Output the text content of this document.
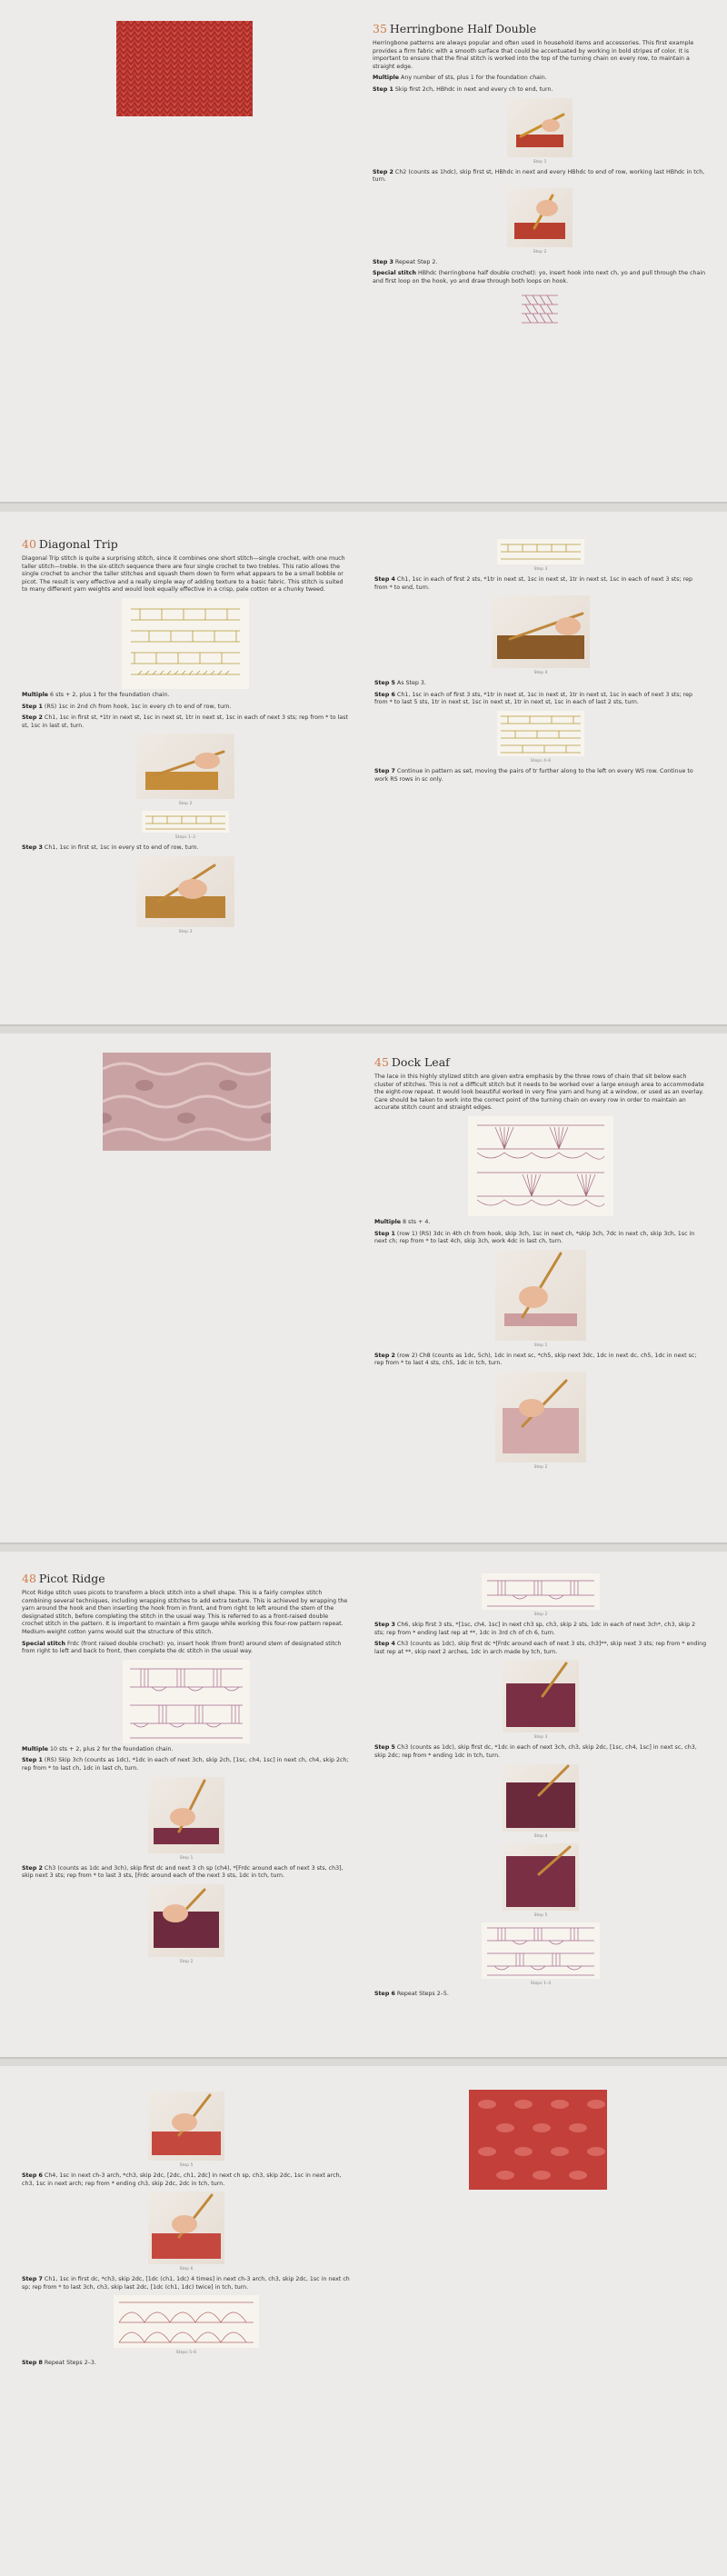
35 Herringbone Half Double

Herringbone patterns are always popular and often used in household items and accessories. This first example provides a firm fabric with a smooth surface that could be accentuated by working in bold stripes of color. It is important to ensure that the final stitch is worked into the top of the turning chain on every row, to maintain a straight edge.

Multiple Any number of sts, plus 1 for the foundation chain.

Step 1 Skip first 2ch, HBhdc in next and every ch to end, turn.

Step 1

Step 2 Ch2 (counts as 1hdc), skip first st, HBhdc in next and every HBhdc to end of row, working last HBhdc in tch, turn.

Step 2

Step 3 Repeat Step 2.

Special stitch HBhdc (herringbone half double crochet): yo, insert hook into next ch, yo and pull through the chain and first loop on the hook, yo and draw through both loops on hook.

40 Diagonal Trip

Diagonal Trip stitch is quite a surprising stitch, since it combines one short stitch—single crochet, with one much taller stitch—treble. In the six-stitch sequence there are four single crochet to two trebles. This ratio allows the single crochet to anchor the taller stitches and squash them down to form what appears to be a small bobble or picot. The result is very effective and a really simple way of adding texture to a basic fabric. This stitch is suited to many different yarn weights and would look equally effective in a crisp, pale cotton or a chunky tweed.

Multiple 6 sts + 2, plus 1 for the foundation chain.

Step 1 (RS) 1sc in 2nd ch from hook, 1sc in every ch to end of row, turn.

Step 2 Ch1, 1sc in first st, *1tr in next st, 1sc in next st, 1tr in next st, 1sc in each of next 3 sts; rep from * to last st, 1sc in last st, turn.

Step 2
Steps 1–2

Step 3 Ch1, 1sc in first st, 1sc in every st to end of row, turn.

Step 3
Step 3

Step 4 Ch1, 1sc in each of first 2 sts, *1tr in next st, 1sc in next st, 1tr in next st, 1sc in each of next 3 sts; rep from * to end, turn.

Step 4

Step 5 As Step 3.

Step 6 Ch1, 1sc in each of first 3 sts, *1tr in next st, 1sc in next st, 1tr in next st, 1sc in each of next 3 sts; rep from * to last 5 sts, 1tr in next st, 1sc in next st, 1tr in next st, 1sc in each of last 2 sts, turn.

Steps 4–6

Step 7 Continue in pattern as set, moving the pairs of tr further along to the left on every WS row. Continue to work RS rows in sc only.

45 Dock Leaf

The lace in this highly stylized stitch are given extra emphasis by the three rows of chain that sit below each cluster of stitches. This is not a difficult stitch but it needs to be worked over a large enough area to accommodate the eight-row repeat. It would look beautiful worked in very fine yarn and hung at a window, or used as an overlay. Care should be taken to work into the correct point of the turning chain on every row in order to maintain an accurate stitch count and straight edges.

Multiple 8 sts + 4.

Step 1 (row 1) (RS) 3dc in 4th ch from hook, skip 3ch, 1sc in next ch, *skip 3ch, 7dc in next ch, skip 3ch, 1sc in next ch; rep from * to last 4ch, skip 3ch, work 4dc in last ch, turn.

Step 1

Step 2 (row 2) Ch8 (counts as 1dc, 5ch), 1dc in next sc, *ch5, skip next 3dc, 1dc in next dc, ch5, 1dc in next sc; rep from * to last 4 sts, ch5, 1dc in tch, turn.

Step 2
48 Picot Ridge

Picot Ridge stitch uses picots to transform a block stitch into a shell shape. This is a fairly complex stitch combining several techniques, including wrapping stitches to add extra texture. This is achieved by wrapping the yarn around the hook and then inserting the hook from in front, and from right to left around the stem of the designated stitch, before completing the stitch in the usual way. This is referred to as a front-raised double crochet stitch in the pattern. It is important to maintain a firm gauge while working this four-row pattern repeat. Medium-weight cotton yarns would suit the structure of this stitch.

Special stitch Frdc (front raised double crochet): yo, insert hook (from front) around stem of designated stitch from right to left and back to front, then complete the dc stitch in the usual way.

Multiple 10 sts + 2, plus 2 for the foundation chain.

Step 1 (RS) Skip 3ch (counts as 1dc), *1dc in each of next 3ch, skip 2ch, [1sc, ch4, 1sc] in next ch, ch4, skip 2ch; rep from * to last ch, 1dc in last ch, turn.

Step 1

Step 2 Ch3 (counts as 1dc and 3ch), skip first dc and next 3 ch sp (ch4), *[Frdc around each of next 3 sts, ch3], skip next 3 sts; rep from * to last 3 sts, [Frdc around each of the next 3 sts, 1dc in tch, turn.

Step 2
Step 2

Step 3 Ch6, skip first 3 sts, *[1sc, ch4, 1sc] in next ch3 sp, ch3, skip 2 sts, 1dc in each of next 3ch*, ch3, skip 2 sts; rep from * ending last rep at **, 1dc in 3rd ch of ch 6, turn.

Step 4 Ch3 (counts as 1dc), skip first dc *[Frdc around each of next 3 sts, ch3]**, skip next 3 sts; rep from * ending last rep at **, skip next 2 arches, 1dc in arch made by tch, turn.

Step 3

Step 5 Ch3 (counts as 1dc), skip first dc, *1dc in each of next 3ch, ch3, skip 2dc, [1sc, ch4, 1sc] in next sc, ch3, skip 2dc; rep from * ending 1dc in tch, turn.

Step 4
Step 5
Steps 1–4

Step 6 Repeat Steps 2–5.

Step 5

Step 6 Ch4, 1sc in next ch-3 arch, *ch3, skip 2dc, [2dc, ch1, 2dc] in next ch sp, ch3, skip 2dc, 1sc in next arch, ch3, 1sc in next arch; rep from * ending ch3, skip 2dc, 2dc in tch, turn.

Step 6

Step 7 Ch1, 1sc in first dc, *ch3, skip 2dc, [1dc (ch1, 1dc) 4 times] in next ch-3 arch, ch3, skip 2dc, 1sc in next ch sp; rep from * to last 3ch, ch3, skip last 2dc, [1dc (ch1, 1dc) twice] in tch, turn.

Steps 5–6

Step 8 Repeat Steps 2–3.
